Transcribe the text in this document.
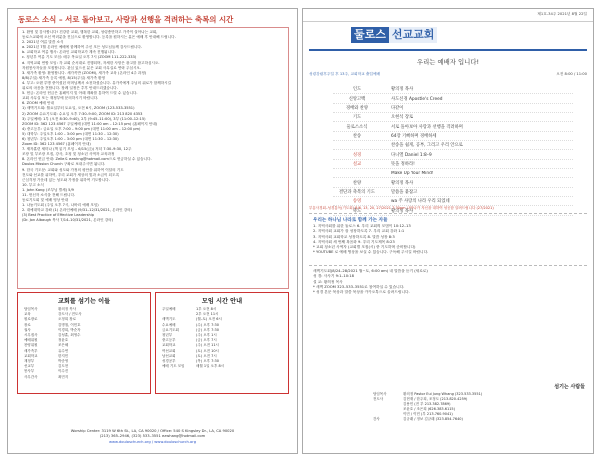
동로스 소식 – 서로 돌아보고, 사랑과 선행을 격려하는 축복의 시간
1. 환영 및 감사합니다! 건강한 교회, 행복한 교회, 성령충만하고 가족이 살아나는 교회,
동로스교회에 오신 여러분을 진심으로 환영합니다. 등록을 원하시는 분은 예배 후 안내해 드립니다.
2. 2021년 여름 말씀 소식
a. 2021년 7월 온라인 예배에 함께하여 주신 모든 성도님들께 감사드립니다.
b. 교회학교 여름 행사: 온라인 교회학교가 계속 진행됩니다.
c. 청년부 여름 기도 모임: 매주 목요일 오후 7시 (ZOOM 111-222-333)
d. 지역교회 연합 모임: 각 교회 순서대로 진행되며, 자세한 사항은 광고를 참고하십시오.
자원봉사자들을 모집합니다. 관심 있으신 분은 교회 사무실로 연락 주십시오.
3. 새가족 환영: 환영합니다. 새가족반 (ZOOM), 새가족 교육 (온라인 4주 과정)
8/8(주일) 새가족 등록 예정, 8/15(주일) 새가족 환영
4. 부고: 오랜 투병 중이셨던 어머님께서 소천하셨습니다. 유가족에게 주님의 위로가 함께하시길
위로의 마음을 전합니다. 장례 일정은 추후 안내드리겠습니다.
5. 헌금: 온라인 헌금은 홈페이지 및 아래 계좌를 통하여 드릴 수 있습니다.
교회 사무실 또는 재정부에 문의하시기 바랍니다.
6. ZOOM 예배 안내
1) 새벽기도회: 월요일부터 토요일, 오전 6시, ZOOM (123-533-3551)
2) ZOOM 수요기도회: 수요일 오후 7:30–9:00, ZOOM ID: 213 820 4353
3) 주일예배: 1부 (오전 8:30–9:40), 2부 (9:45–11:00), 3부 (11:00–12:15)
ZOOM ID: 362 123 4567 주일예배 (대면 11:00 am – 12:15 pm) (홈페이지 안내)
4) 중고등부: 금요일 오후 7:00 – 9:00 pm (대면 11:00 am – 12:00 pm)
5) 대학부: 주일오후 1:00 – 3:00 pm (대면 11:30 – 12:30)
6) 청년부: 주일오후 1:00 – 3:00 pm (대면 11:30 – 12:30)
Zoom ID: 362 123 4567 (홈페이지 안내)
7. 제자훈련 세미나 (책 읽기 모임 – 6/15(금)) 저녁 7:30–9:30, 12주
조장 및 부조장 모집, 강사, 초청 및 청소년 사역자 교육과정
8. 온라인 헌금 안내: Zelle로 ezwhng@hotmail.com으로 헌금하실 수 있습니다.
Doulos Mission Church 구좌로 보내주시면 됩니다.
9. 한국 기도문: 교회와 성도와 가정의 평안을 위하여 이달의 기도
전도와 선교를 위하여, 우리 교회가 세상의 빛과 소금이 되도록
근심걱정 가운데 있는 성도와 가정을 위하여 기도합니다.
10. 부고 소식
1. John Kang (조부님 별세) 5/9
11. 헌신자 소식을 전해 드립니다.
동로기도회 및 예배 영상 안내
1. 나눔기도회 (주일 오후 7시, 나바리 예배 모임)
2. 대예대학교 강좌 (1) 온라인예배 (9/31–12/31/2021, 온라인 강의)
(3) Best Practice of Effective Leadership
(Dr. Jon Albaugh 목사 7/14–10/31/2021, 온라인 강의)
교회를 섬기는 이들
담임목사	황의정 목사
교육	강도사 / 전도사
원로장로	오정희 장로
장로	김명철, 이민호
권사	이경희, 박순자
시무집사	김성훈, 최영수
예배위원	정윤호
찬양위원	조은혜
새가족부	유수연
교회학교	한지민
재정부	박준영
선교부	김도현
봉사부	이수진
사무간사	최민지
모임 시간 안내
주일예배	1부 오전 8시
2부 오전 11시
새벽기도	(월–토) 오전 6시
수요예배	(수) 오후 7:30
금요기도회	(금) 오후 7:30
청년부	(주) 오후 1시
중고등부	(금) 오후 7시
교회학교	(주) 오전 11시
여선교회	(토) 오전 10시
남선교회	(토) 오전 7시
성경공부	(목) 오후 7:30
예배 기도 모임	매월 1일 오후 8시
Worship Center: 3119 W 6th St., LA, CA 90020 / Office: 540 S Kingsley Dr., LA, CA 90020
(213) 365–2946, (323) 533–3551 ezwhang@hotmail.com
www.douloschurch.org / www.douloschurch.org
제1호-34주 2021년 8월 22일
둘로스 선교교회
우리는 예배자 입니다!
성령강림후주일 후 13주, 교회학교 출입예배	오전 8:00 / 11:00
인도	황의정 목사
신앙고백	사도신경 Apostle's Creed
경배와 찬양	다같이
기도	오현석 장로
둘로스소식	서로 돌아보아 사랑과 선행을 격려하며
찬송	64장 기뻐하며 경배하세
찬송을 쉽게, 공부, 그리고 우리 안으로
성경	다니엘 Daniel 1:8–9
설교	뜻을 정하라!
Make Up Your Mind!
찬양	황의정 목사
결단과 축복의 기도	말씀을 붙잡고
송영	wa 주 사랑의 나라 우리 되었네
축도	황의정 목사
부흥사경회–성경통독(기도회) 8/6, 13, 20, 27/2021 7:30pm 나바나가 자신을 대하여 성공함 알려드립니다 (27/2021)
우리는 하나님 나라로 함께 가는 자들
1. 지역사회를 위한 둘로스 6. 우리 교회의 모범이 10:12–13
2. 지역사회 교회가 잘 성장하도록 7. 우리 교회 강화 1:1
3. 지역사회 교회학교 성장하도록 8. 말씀 성장 8:3
4. 지역사회 세 번째 복음화 9. 우리 기도제목 8:23
* 교회 청소년 사역자 (교회별 모집(시) 중 기도하며 준비합니다)
* YOUTUBE 로 예배 영상을 보실 수 있습니다. 구독해 주시길 바랍니다.
새벽기도회(8/24–28/2021 월~토, 6:00 am) 내 말씀을 듣기 (세로로)
성 경: 사사기 9:1–10:18
설 교: 황의정 목사
* 새벽 ZOOM 323–533–3551로 참여하실 수 있습니다.
* 성경 본문 묵상과 말씀 묵상을 카카오톡으로 올려드립니다.
섬기는 사람들
담임목사	황의정 Pastor Eui Jung Whang (323.533.3551)
전도사	김현재 / 한주희, 조정도 (213.820.4259)
김용민 (전 부 213.382.7869)
조윤호 / 조은희 (626.383.6115)
이민 / 이민 (부 213.760.9041)
간사	김규래 / 정보 김규래 (323.854.7640)
